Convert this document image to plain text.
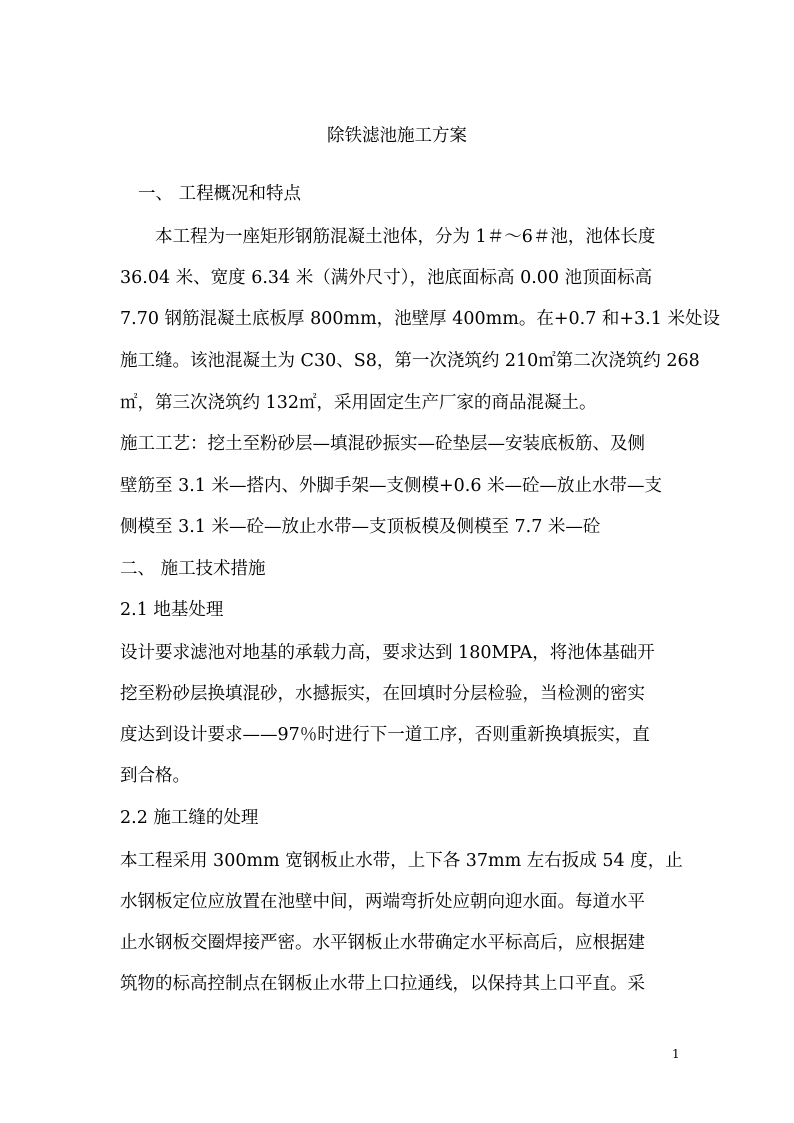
除铁滤池施工方案
一、 工程概况和特点
本工程为一座矩形钢筋混凝土池体，分为 1＃～6＃池，池体长度
36.04 米、宽度 6.34 米（满外尺寸），池底面标高 0.00 池顶面标高
7.70 钢筋混凝土底板厚 800mm，池壁厚 400mm。在+0.7 和+3.1 米处设
施工缝。该池混凝土为 C30、S8，第一次浇筑约 210㎡第二次浇筑约 268
㎡，第三次浇筑约 132㎡，采用固定生产厂家的商品混凝土。
施工工艺：挖土至粉砂层—填混砂振实—砼垫层—安装底板筋、及侧
壁筋至 3.1 米—搭内、外脚手架—支侧模+0.6 米—砼—放止水带—支
侧模至 3.1 米—砼—放止水带—支顶板模及侧模至 7.7 米—砼
二、 施工技术措施
2.1 地基处理
设计要求滤池对地基的承载力高，要求达到 180MPA，将池体基础开
挖至粉砂层换填混砂，水撼振实，在回填时分层检验，当检测的密实
度达到设计要求——97％时进行下一道工序，否则重新换填振实，直
到合格。
2.2 施工缝的处理
本工程采用 300mm 宽钢板止水带，上下各 37mm 左右扳成 54 度，止
水钢板定位应放置在池壁中间，两端弯折处应朝向迎水面。每道水平
止水钢板交圈焊接严密。水平钢板止水带确定水平标高后，应根据建
筑物的标高控制点在钢板止水带上口拉通线，以保持其上口平直。采
1
